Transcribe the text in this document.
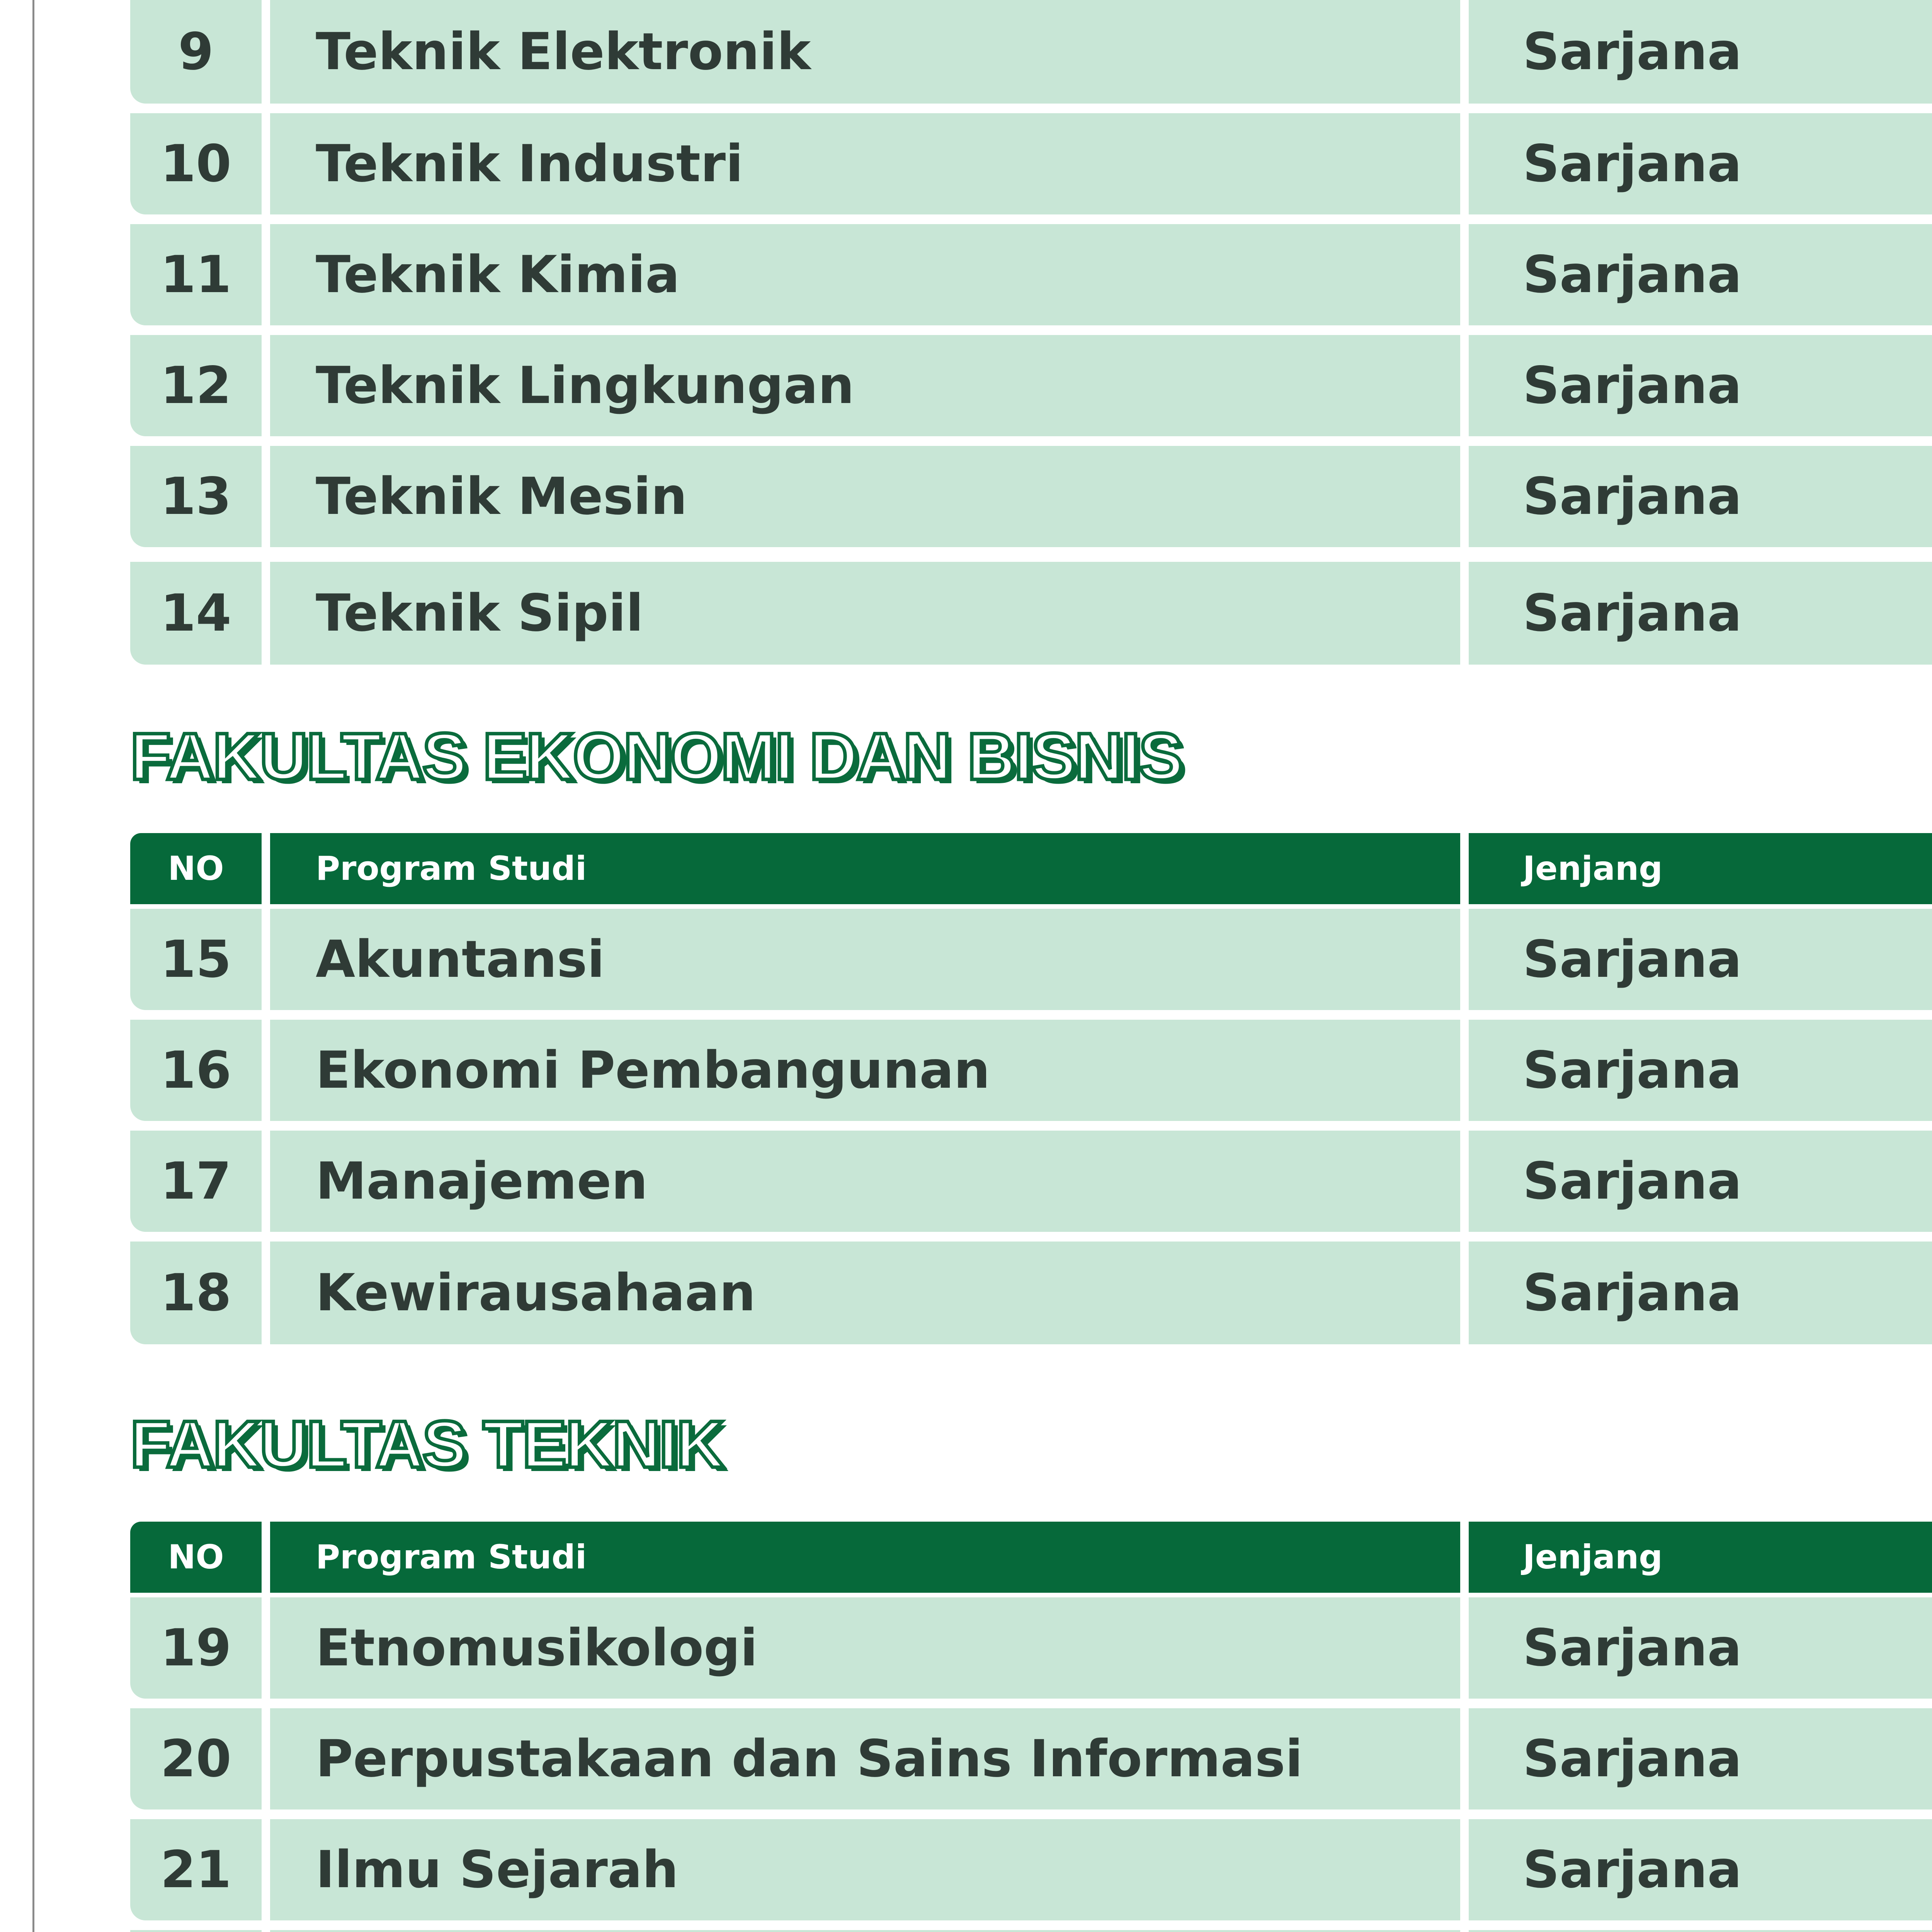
9	Teknik Elektronik	Sarjana
10	Teknik Industri	Sarjana
11	Teknik Kimia	Sarjana
12	Teknik Lingkungan	Sarjana
13	Teknik Mesin	Sarjana
14	Teknik Sipil	Sarjana
FAKULTAS EKONOMI DAN BISNIS
NO	Program Studi	Jenjang
15	Akuntansi	Sarjana
16	Ekonomi Pembangunan	Sarjana
17	Manajemen	Sarjana
18	Kewirausahaan	Sarjana
FAKULTAS TEKNIK
NO	Program Studi	Jenjang
19	Etnomusikologi	Sarjana
20	Perpustakaan dan Sains Informasi	Sarjana
21	Ilmu Sejarah	Sarjana
